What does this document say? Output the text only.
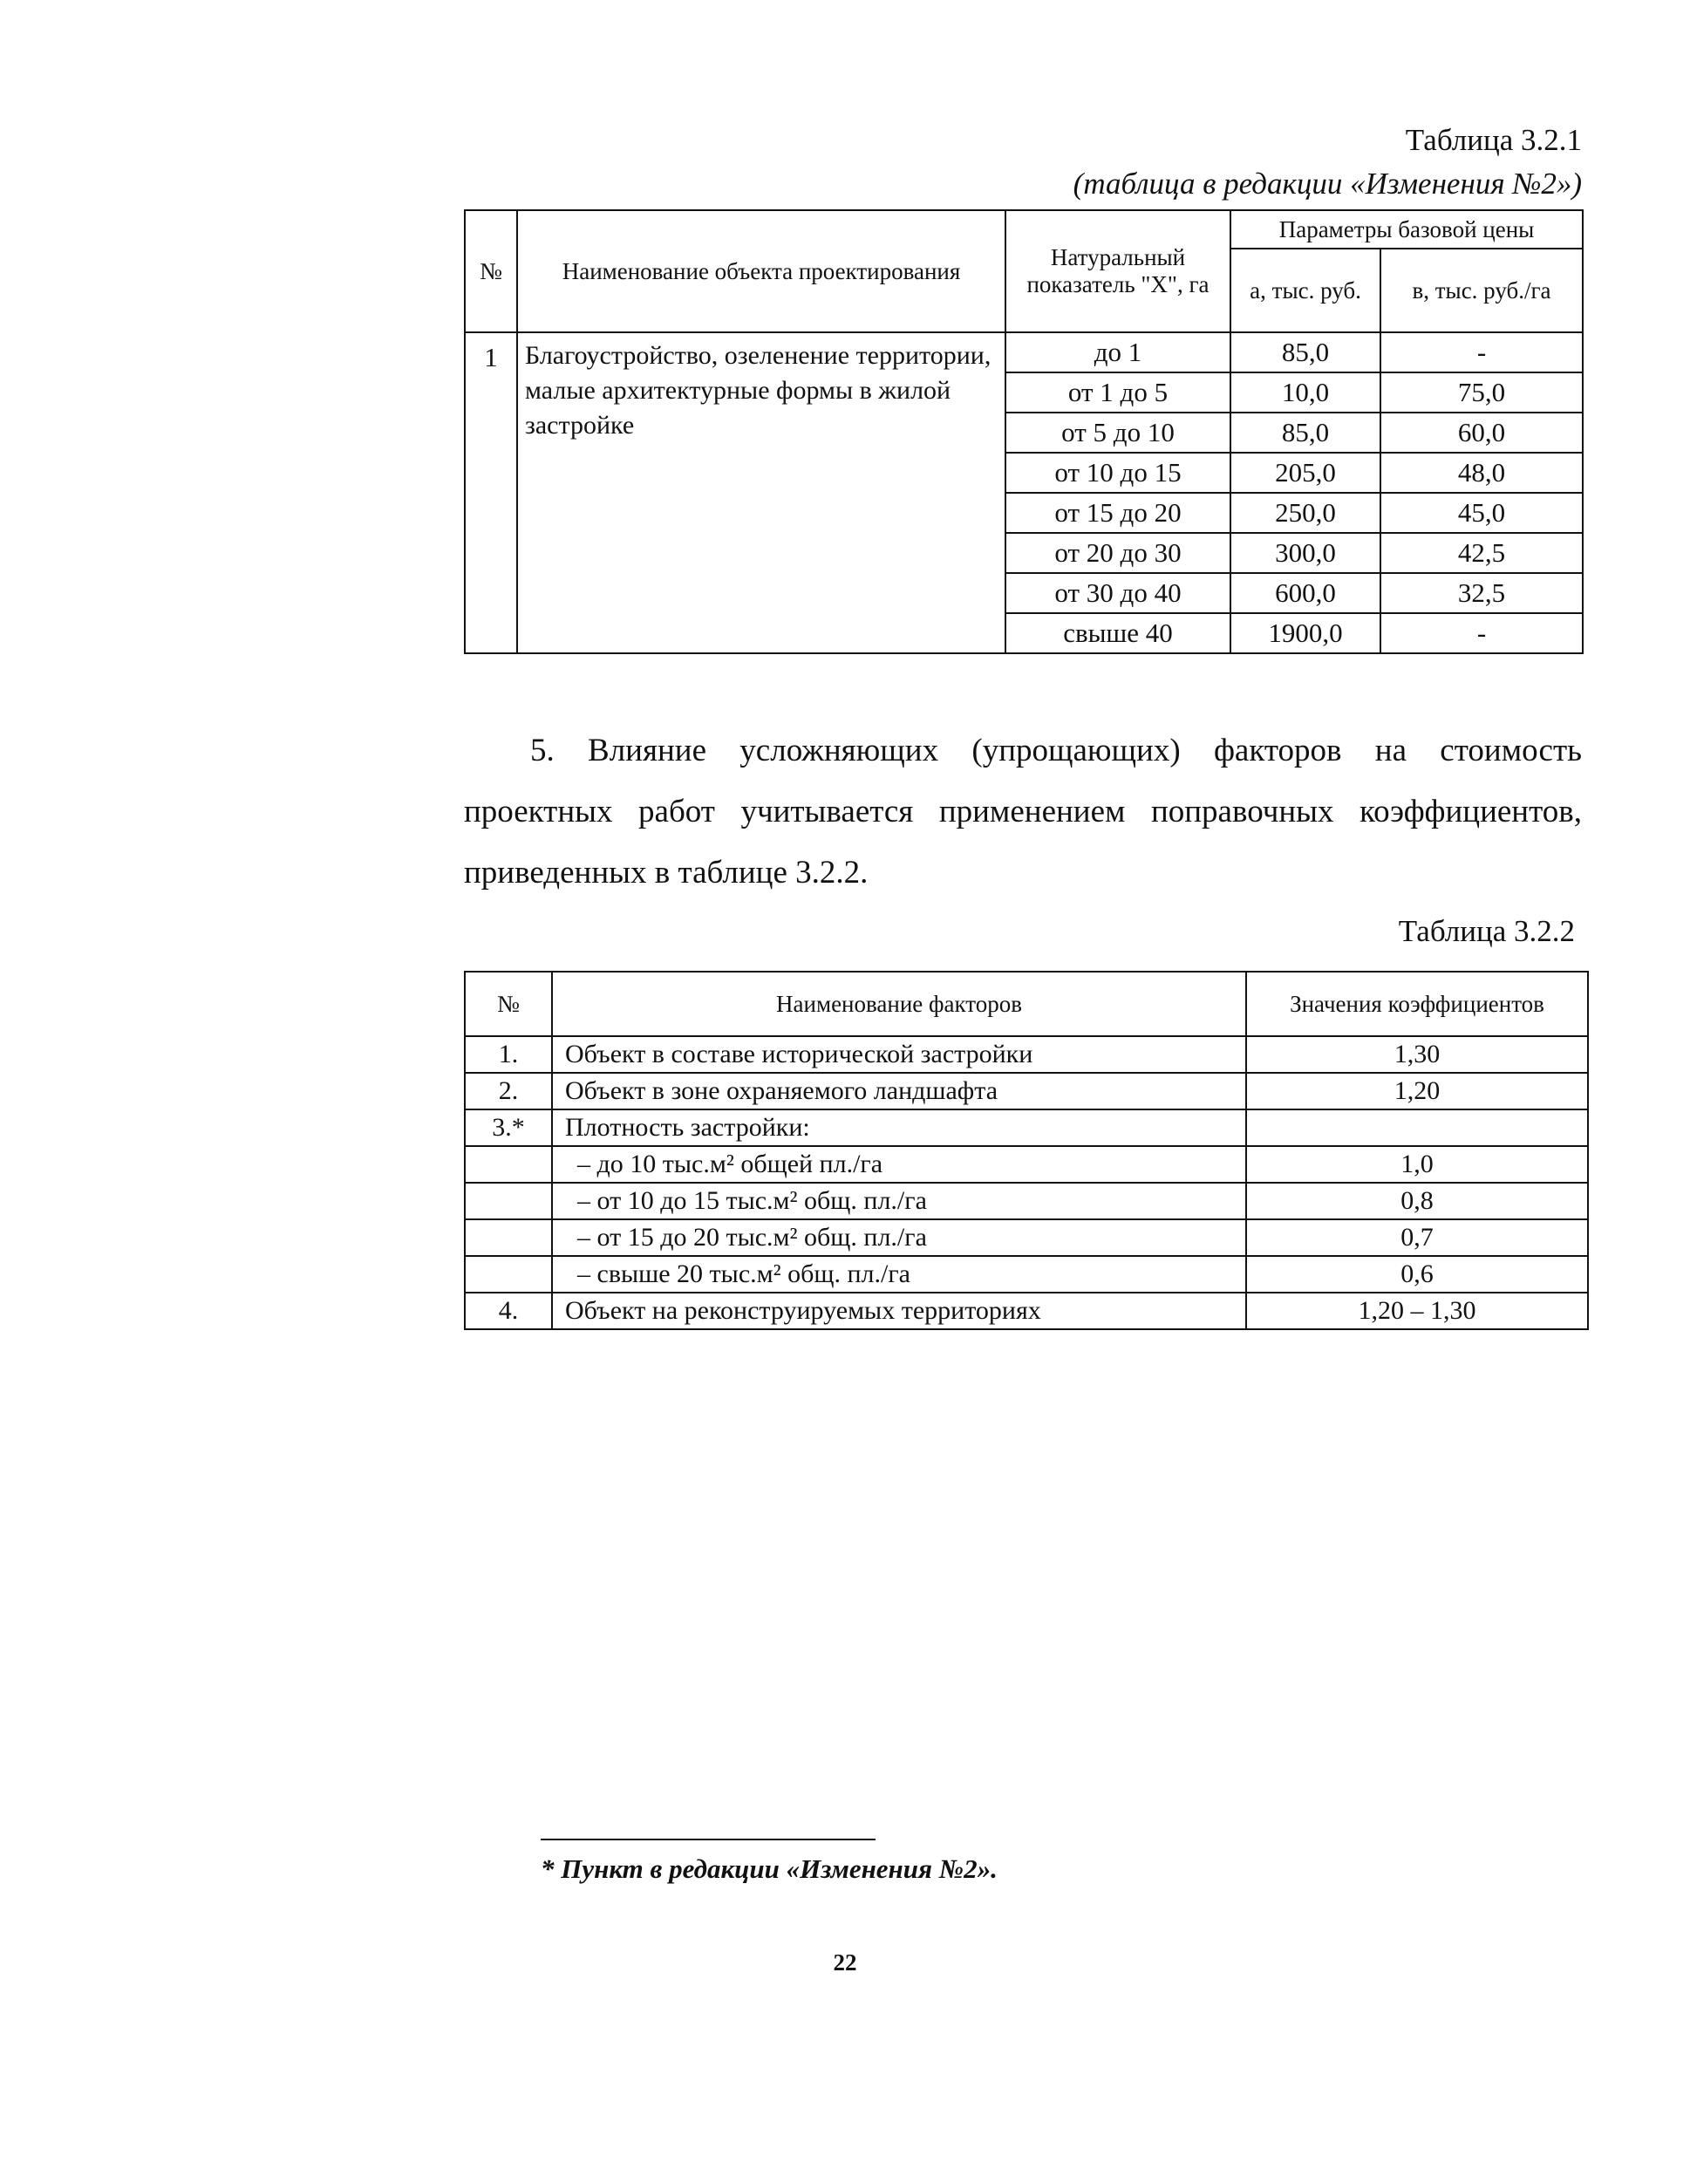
Таблица 3.2.1
(таблица в редакции «Изменения №2»)
№	Наименование объекта проектирования	Натуральный показатель "X", га	Параметры базовой цены	
			а, тыс. руб.	в, тыс. руб./га
1	Благоустройство, озеленение территории, малые архитектурные формы в жилой застройке	до 1	85,0	-
		от 1 до 5	10,0	75,0
		от 5 до 10	85,0	60,0
		от 10 до 15	205,0	48,0
		от 15 до 20	250,0	45,0
		от 20 до 30	300,0	42,5
		от 30 до 40	600,0	32,5
		свыше 40	1900,0	-
5. Влияние усложняющих (упрощающих) факторов на стоимость проектных работ учитывается применением поправочных коэффициентов, приведенных в таблице 3.2.2.
Таблица 3.2.2
№	Наименование факторов	Значения коэффициентов
1.	Объект в составе исторической застройки	1,30
2.	Объект в зоне охраняемого ландшафта	1,20
3.*	Плотность застройки:	
	– до 10 тыс.м² общей пл./га	1,0
	– от 10 до 15 тыс.м² общ. пл./га	0,8
	– от 15 до 20 тыс.м² общ. пл./га	0,7
	– свыше 20 тыс.м² общ. пл./га	0,6
4.	Объект на реконструируемых территориях	1,20 – 1,30
* Пункт в редакции «Изменения №2».
22
